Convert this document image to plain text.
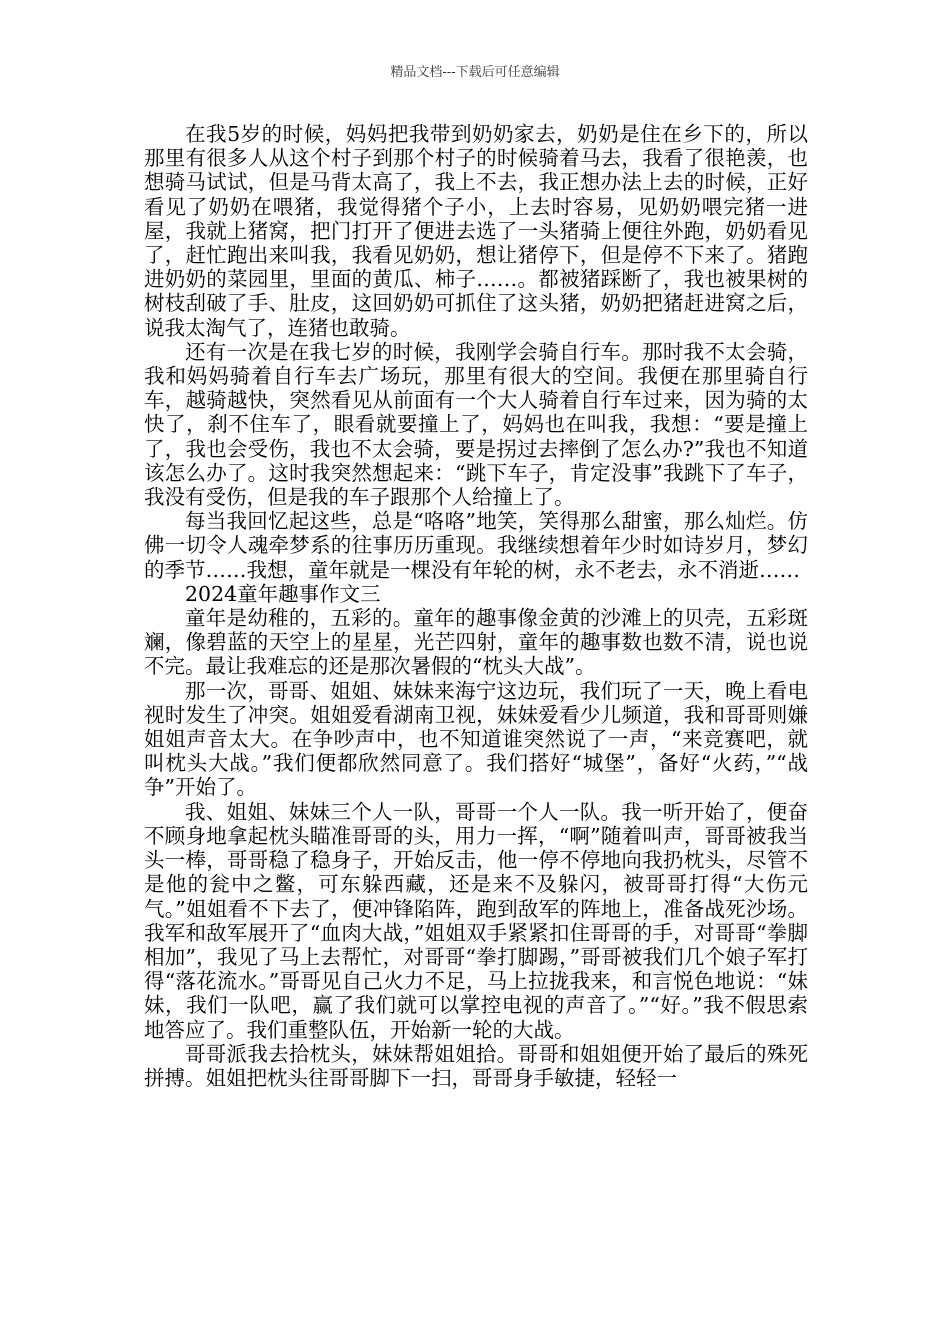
精品文档---下载后可任意编辑

在我5岁的时候，妈妈把我带到奶奶家去，奶奶是住在乡下的，所以那里有很多人从这个村子到那个村子的时候骑着马去，我看了很艳羡，也想骑马试试，但是马背太高了，我上不去，我正想办法上去的时候，正好看见了奶奶在喂猪，我觉得猪个子小，上去时容易，见奶奶喂完猪一进屋，我就上猪窝，把门打开了便进去选了一头猪骑上便往外跑，奶奶看见了，赶忙跑出来叫我，我看见奶奶，想让猪停下，但是停不下来了。猪跑进奶奶的菜园里，里面的黄瓜、柿子……。都被猪踩断了，我也被果树的树枝刮破了手、肚皮，这回奶奶可抓住了这头猪，奶奶把猪赶进窝之后，说我太淘气了，连猪也敢骑。

还有一次是在我七岁的时候，我刚学会骑自行车。那时我不太会骑，我和妈妈骑着自行车去广场玩，那里有很大的空间。我便在那里骑自行车，越骑越快，突然看见从前面有一个大人骑着自行车过来，因为骑的太快了，刹不住车了，眼看就要撞上了，妈妈也在叫我，我想：“要是撞上了，我也会受伤，我也不太会骑，要是拐过去摔倒了怎么办?”我也不知道该怎么办了。这时我突然想起来：“跳下车子，肯定没事”我跳下了车子，我没有受伤，但是我的车子跟那个人给撞上了。

每当我回忆起这些，总是“咯咯”地笑，笑得那么甜蜜，那么灿烂。仿佛一切令人魂牵梦系的往事历历重现。我继续想着年少时如诗岁月，梦幻的季节……我想，童年就是一棵没有年轮的树，永不老去，永不消逝……

2024童年趣事作文三

童年是幼稚的，五彩的。童年的趣事像金黄的沙滩上的贝壳，五彩斑斓，像碧蓝的天空上的星星，光芒四射，童年的趣事数也数不清，说也说不完。最让我难忘的还是那次暑假的“枕头大战”。

那一次，哥哥、姐姐、妹妹来海宁这边玩，我们玩了一天，晚上看电视时发生了冲突。姐姐爱看湖南卫视，妹妹爱看少儿频道，我和哥哥则嫌姐姐声音太大。在争吵声中，也不知道谁突然说了一声，“来竞赛吧，就叫枕头大战。”我们便都欣然同意了。我们搭好“城堡”，备好“火药，”“战争”开始了。

我、姐姐、妹妹三个人一队，哥哥一个人一队。我一听开始了，便奋不顾身地拿起枕头瞄准哥哥的头，用力一挥，“啊”随着叫声，哥哥被我当头一棒，哥哥稳了稳身子，开始反击，他一停不停地向我扔枕头，尽管不是他的瓮中之鳖，可东躲西藏，还是来不及躲闪，被哥哥打得“大伤元气。”姐姐看不下去了，便冲锋陷阵，跑到敌军的阵地上，准备战死沙场。我军和敌军展开了“血肉大战，”姐姐双手紧紧扣住哥哥的手，对哥哥“拳脚相加”，我见了马上去帮忙，对哥哥“拳打脚踢，”哥哥被我们几个娘子军打得“落花流水。”哥哥见自己火力不足，马上拉拢我来，和言悦色地说：“妹妹，我们一队吧，赢了我们就可以掌控电视的声音了。”“好。”我不假思索地答应了。我们重整队伍，开始新一轮的大战。

哥哥派我去拾枕头，妹妹帮姐姐拾。哥哥和姐姐便开始了最后的殊死拼搏。姐姐把枕头往哥哥脚下一扫，哥哥身手敏捷，轻轻一
